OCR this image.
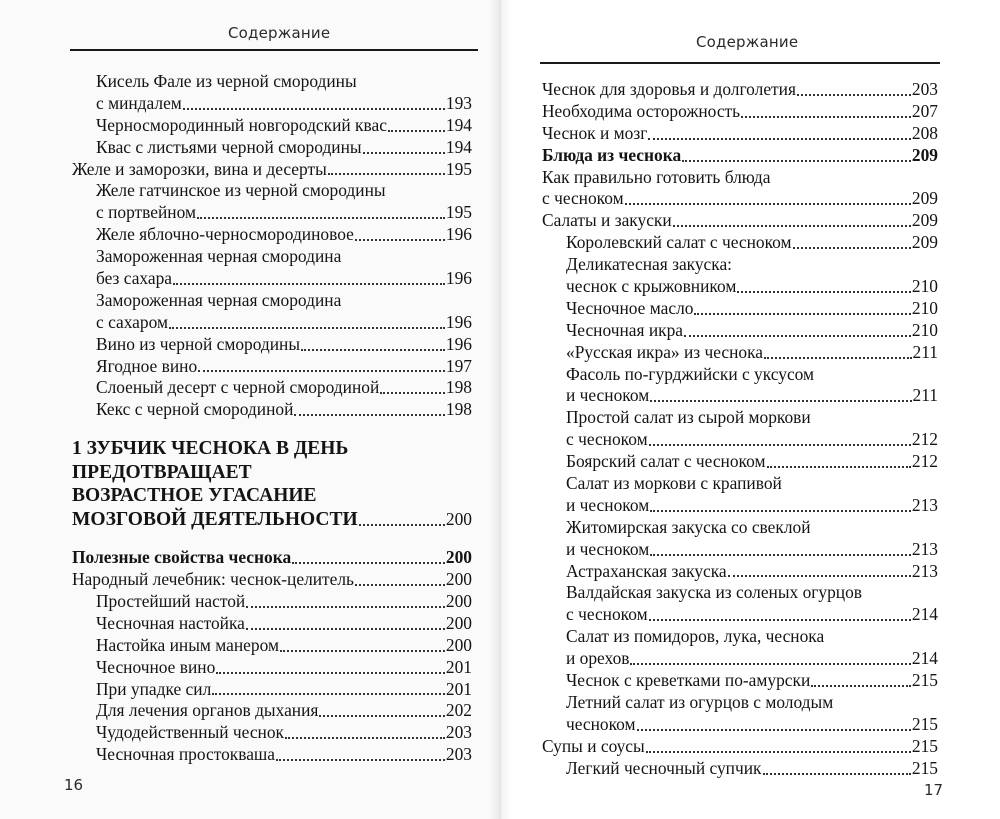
Содержание
Кисель Фале из черной смородины
с миндалем	193
Черносмородинный новгородский квас	194
Квас с листьями черной смородины	194
Желе и заморозки, вина и десерты	195
Желе гатчинское из черной смородины
с портвейном	195
Желе яблочно-черносмородиновое	196
Замороженная черная смородина
без сахара	196
Замороженная черная смородина
с сахаром	196
Вино из черной смородины	196
Ягодное вино	197
Слоеный десерт с черной смородиной	198
Кекс с черной смородиной	198
1 ЗУБЧИК ЧЕСНОКА В ДЕНЬ
ПРЕДОТВРАЩАЕТ
ВОЗРАСТНОЕ УГАСАНИЕ
МОЗГОВОЙ ДЕЯТЕЛЬНОСТИ	200
Полезные свойства чеснока	200
Народный лечебник: чеснок-целитель	200
Простейший настой	200
Чесночная настойка	200
Настойка иным манером	200
Чесночное вино	201
При упадке сил	201
Для лечения органов дыхания	202
Чудодейственный чеснок	203
Чесночная простокваша	203
16
Содержание
Чеснок для здоровья и долголетия	203
Необходима осторожность	207
Чеснок и мозг	208
Блюда из чеснока	209
Как правильно готовить блюда
с чесноком	209
Салаты и закуски	209
Королевский салат с чесноком	209
Деликатесная закуска:
чеснок с крыжовником	210
Чесночное масло	210
Чесночная икра	210
«Русская икра» из чеснока	211
Фасоль по-гурджийски с уксусом
и чесноком	211
Простой салат из сырой моркови
с чесноком	212
Боярский салат с чесноком	212
Салат из моркови с крапивой
и чесноком	213
Житомирская закуска со свеклой
и чесноком	213
Астраханская закуска	213
Валдайская закуска из соленых огурцов
с чесноком	214
Салат из помидоров, лука, чеснока
и орехов	214
Чеснок с креветками по-амурски	215
Летний салат из огурцов с молодым
чесноком	215
Супы и соусы	215
Легкий чесночный супчик	215
17
